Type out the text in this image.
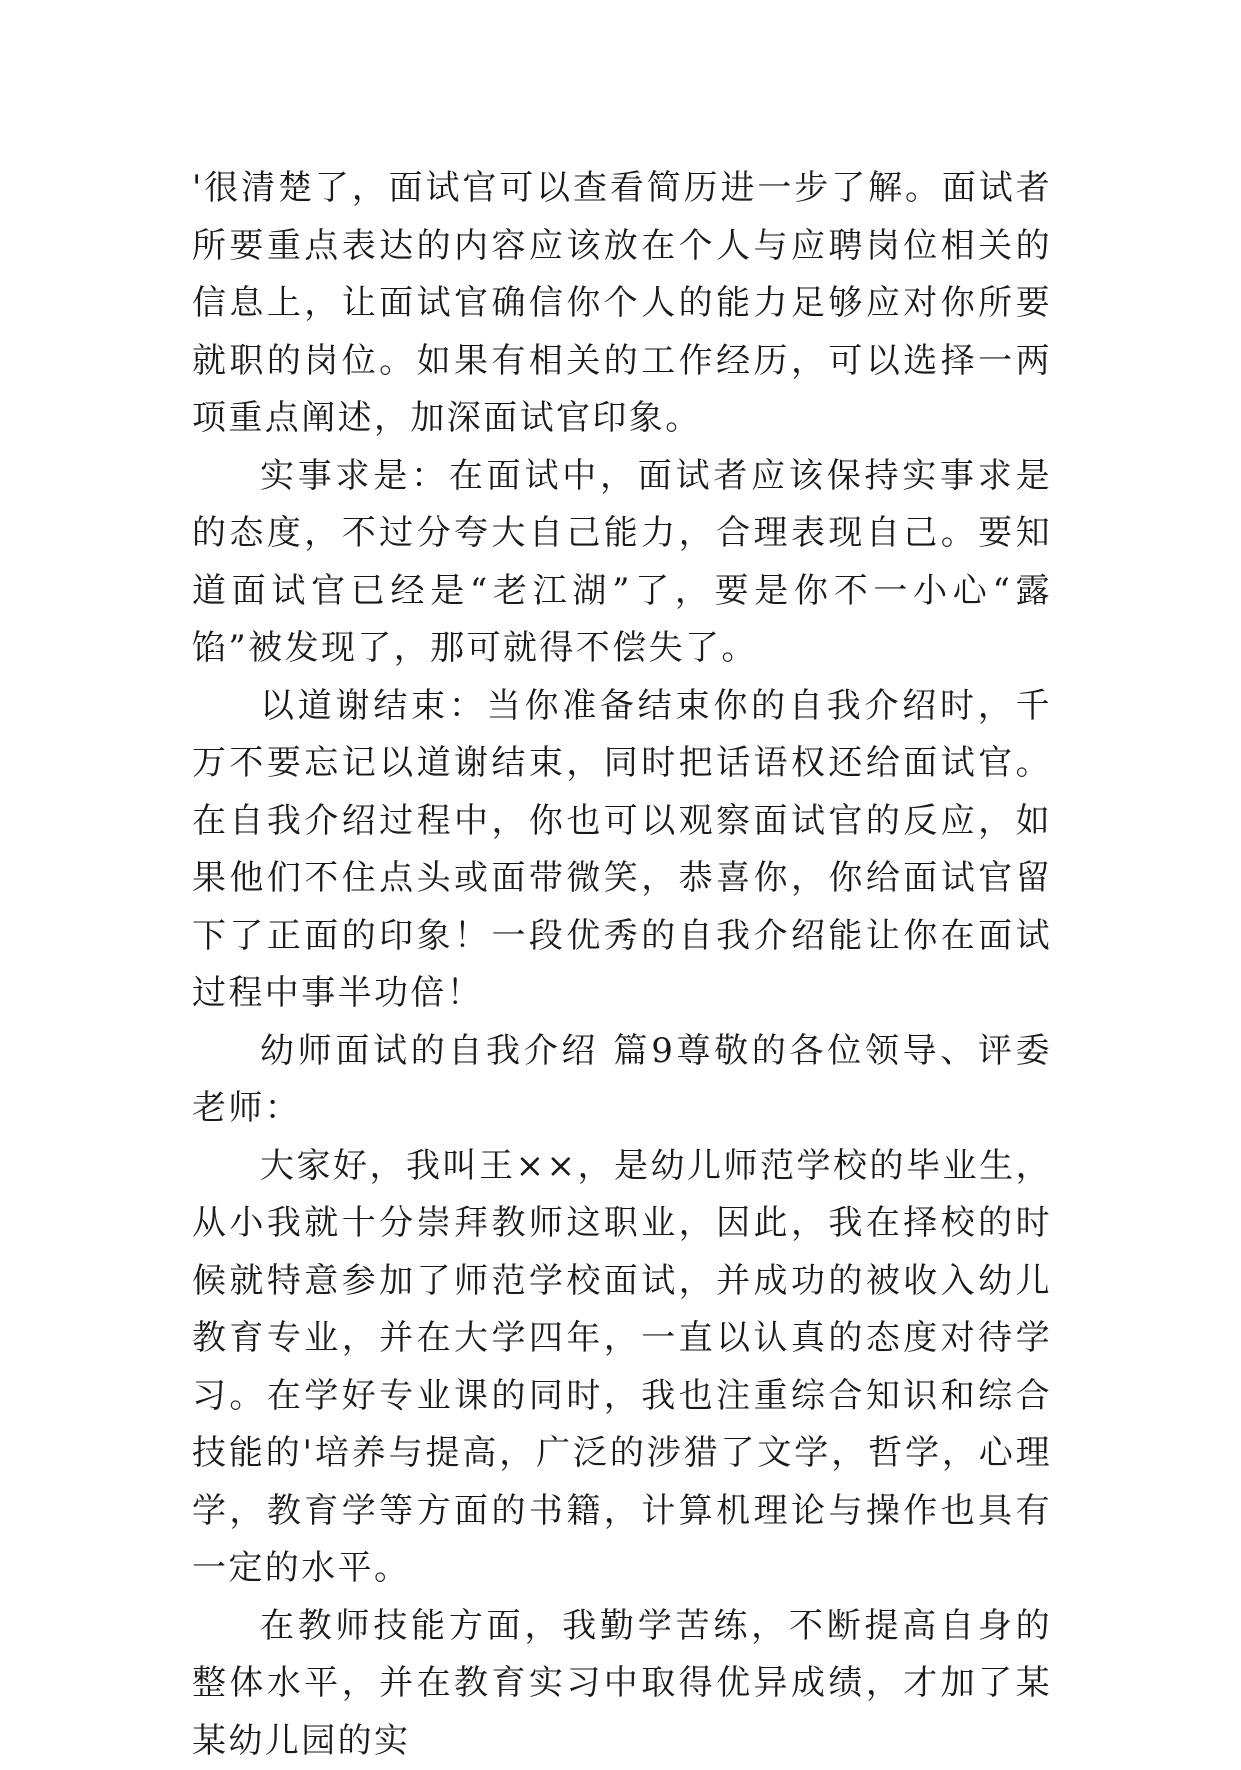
'很清楚了，面试官可以查看简历进一步了解。面试者所要重点表达的内容应该放在个人与应聘岗位相关的信息上，让面试官确信你个人的能力足够应对你所要就职的岗位。如果有相关的工作经历，可以选择一两项重点阐述，加深面试官印象。

实事求是：在面试中，面试者应该保持实事求是的态度，不过分夸大自己能力，合理表现自己。要知道面试官已经是“老江湖”了，要是你不一小心“露馅”被发现了，那可就得不偿失了。

以道谢结束：当你准备结束你的自我介绍时，千万不要忘记以道谢结束，同时把话语权还给面试官。在自我介绍过程中，你也可以观察面试官的反应，如果他们不住点头或面带微笑，恭喜你，你给面试官留下了正面的印象！一段优秀的自我介绍能让你在面试过程中事半功倍！

幼师面试的自我介绍 篇9尊敬的各位领导、评委老师：

大家好，我叫王××，是幼儿师范学校的毕业生， 从小我就十分崇拜教师这职业，因此，我在择校的时候就特意参加了师范学校面试，并成功的被收入幼儿教育专业，并在大学四年，一直以认真的态度对待学习。在学好专业课的同时，我也注重综合知识和综合技能的'培养与提高，广泛的涉猎了文学，哲学，心理学，教育学等方面的书籍，计算机理论与操作也具有一定的水平。

在教师技能方面，我勤学苦练，不断提高自身的整体水平，并在教育实习中取得优异成绩，才加了某某幼儿园的实
